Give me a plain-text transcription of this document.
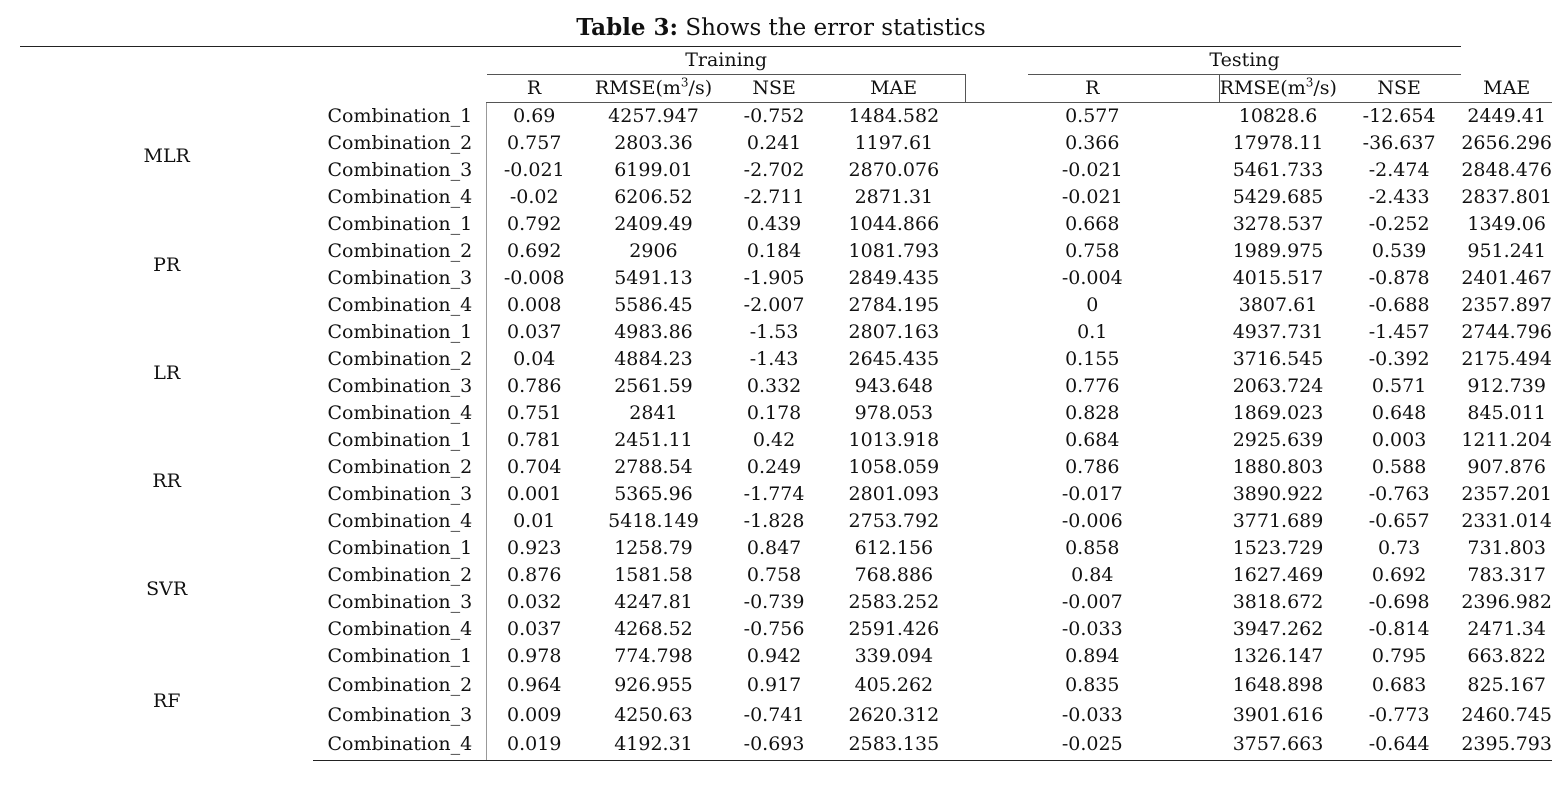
Table 3: Shows the error statistics
		Training					Testing			
		R	$RMSE(m^3/s)$	NSE	MAE	R		$RMSE(m^3/s)$	NSE	MAE
MLR	Combination_1	0.69	4257.947	-0.752	1484.582	0.577		10828.6	-12.654	2449.41
	Combination_2	0.757	2803.36	0.241	1197.61	0.366		17978.11	-36.637	2656.296
	Combination_3	-0.021	6199.01	-2.702	2870.076	-0.021		5461.733	-2.474	2848.476
	Combination_4	-0.02	6206.52	-2.711	2871.31	-0.021		5429.685	-2.433	2837.801
PR	Combination_1	0.792	2409.49	0.439	1044.866	0.668		3278.537	-0.252	1349.06
	Combination_2	0.692	2906	0.184	1081.793	0.758		1989.975	0.539	951.241
	Combination_3	-0.008	5491.13	-1.905	2849.435	-0.004		4015.517	-0.878	2401.467
	Combination_4	0.008	5586.45	-2.007	2784.195	0		3807.61	-0.688	2357.897
LR	Combination_1	0.037	4983.86	-1.53	2807.163	0.1		4937.731	-1.457	2744.796
	Combination_2	0.04	4884.23	-1.43	2645.435	0.155		3716.545	-0.392	2175.494
	Combination_3	0.786	2561.59	0.332	943.648	0.776		2063.724	0.571	912.739
	Combination_4	0.751	2841	0.178	978.053	0.828		1869.023	0.648	845.011
RR	Combination_1	0.781	2451.11	0.42	1013.918	0.684		2925.639	0.003	1211.204
	Combination_2	0.704	2788.54	0.249	1058.059	0.786		1880.803	0.588	907.876
	Combination_3	0.001	5365.96	-1.774	2801.093	-0.017		3890.922	-0.763	2357.201
	Combination_4	0.01	5418.149	-1.828	2753.792	-0.006		3771.689	-0.657	2331.014
SVR	Combination_1	0.923	1258.79	0.847	612.156	0.858		1523.729	0.73	731.803
	Combination_2	0.876	1581.58	0.758	768.886	0.84		1627.469	0.692	783.317
	Combination_3	0.032	4247.81	-0.739	2583.252	-0.007		3818.672	-0.698	2396.982
	Combination_4	0.037	4268.52	-0.756	2591.426	-0.033		3947.262	-0.814	2471.34
RF	Combination_1	0.978	774.798	0.942	339.094	0.894		1326.147	0.795	663.822
	Combination_2	0.964	926.955	0.917	405.262	0.835		1648.898	0.683	825.167
	Combination_3	0.009	4250.63	-0.741	2620.312	-0.033		3901.616	-0.773	2460.745
	Combination_4	0.019	4192.31	-0.693	2583.135	-0.025		3757.663	-0.644	2395.793
